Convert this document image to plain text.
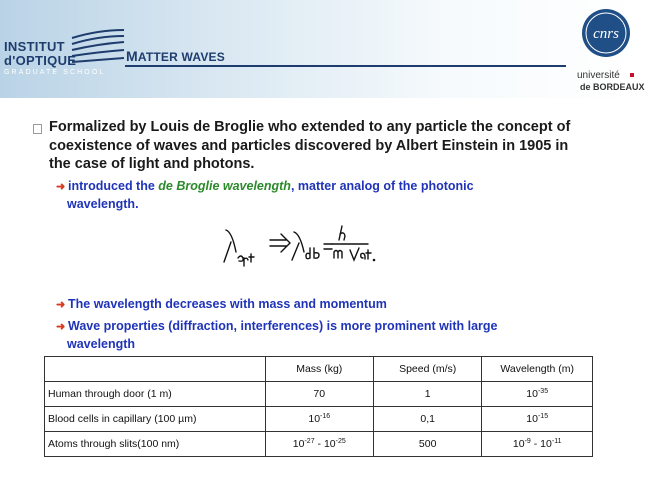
INSTITUT
d'OPTIQUE
GRADUATE SCHOOL
MATTER WAVES
cnrs
université
de BORDEAUX
Formalized by Louis de Broglie who extended to any particle the concept of coexistence of waves and particles discovered by Albert Einstein in 1905 in the case of light and photons.
➜ introduced the de Broglie wavelength, matter analog of the photonic
wavelength.
➜ The wavelength decreases with mass and momentum
➜ Wave properties (diffraction, interferences) is more prominent with large
wavelength
	Mass (kg)	Speed (m/s)	Wavelength (m)
Human through door (1 m)	70	1	$10^{-35}$
Blood cells in capillary (100 µm)	$10^{-16}$	0,1	$10^{-15}$
Atoms through slits(100 nm)	$10^{-27} - 10^{-25}$	500	$10^{-9} - 10^{-11}$
